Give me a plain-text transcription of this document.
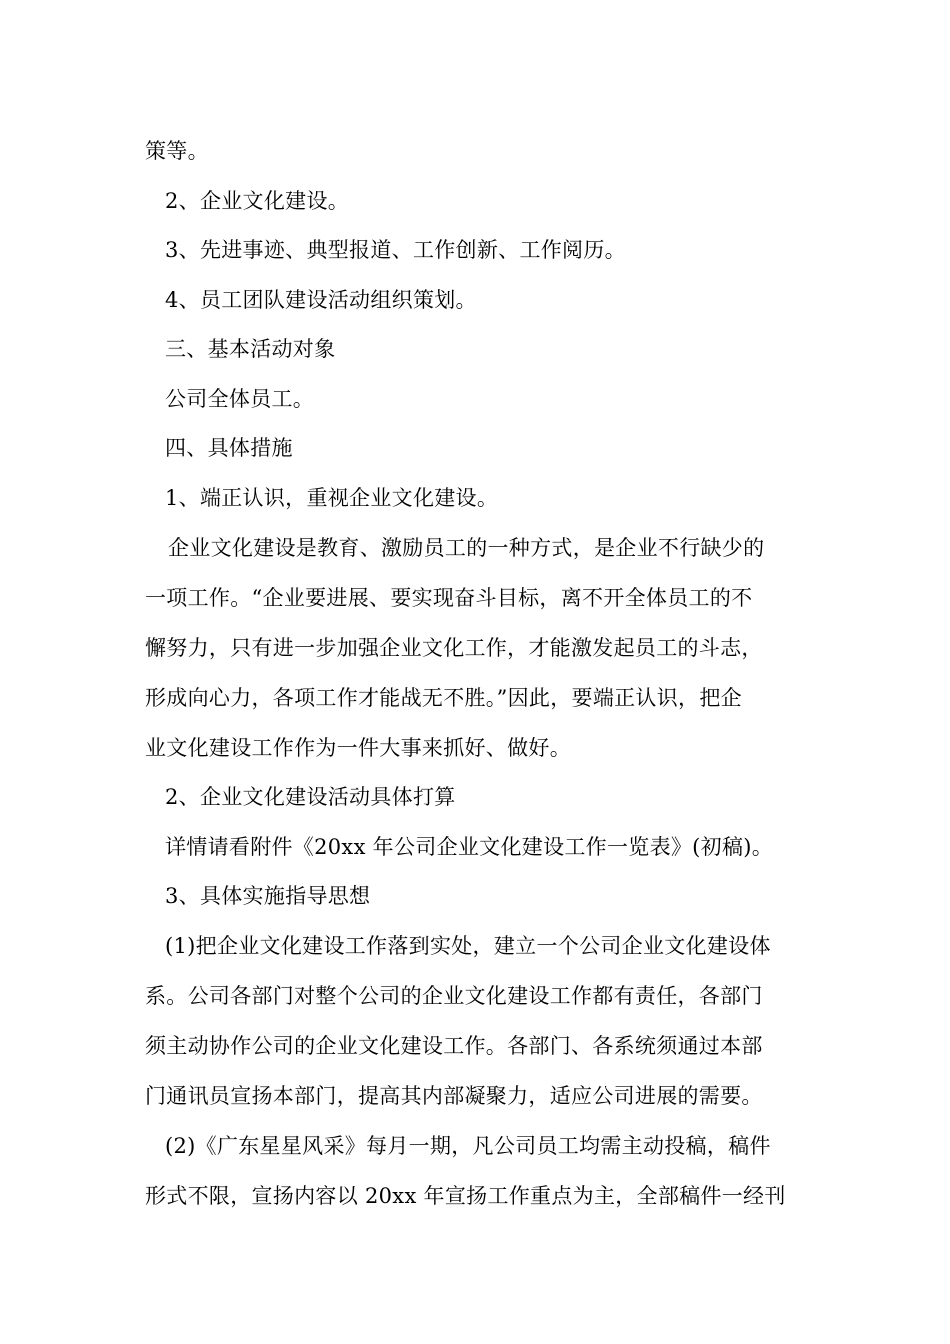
策等。
2、企业文化建设。
3、先进事迹、典型报道、工作创新、工作阅历。
4、员工团队建设活动组织策划。
三、基本活动对象
公司全体员工。
四、具体措施
1、端正认识，重视企业文化建设。
企业文化建设是教育、激励员工的一种方式，是企业不行缺少的
一项工作。“企业要进展、要实现奋斗目标，离不开全体员工的不
懈努力，只有进一步加强企业文化工作，才能激发起员工的斗志，
形成向心力，各项工作才能战无不胜。”因此，要端正认识，把企
业文化建设工作作为一件大事来抓好、做好。
2、企业文化建设活动具体打算
详情请看附件《20xx 年公司企业文化建设工作一览表》(初稿)。
3、具体实施指导思想
(1)把企业文化建设工作落到实处，建立一个公司企业文化建设体
系。公司各部门对整个公司的企业文化建设工作都有责任，各部门
须主动协作公司的企业文化建设工作。各部门、各系统须通过本部
门通讯员宣扬本部门，提高其内部凝聚力，适应公司进展的需要。
(2)《广东星星风采》每月一期，凡公司员工均需主动投稿，稿件
形式不限，宣扬内容以 20xx 年宣扬工作重点为主，全部稿件一经刊
